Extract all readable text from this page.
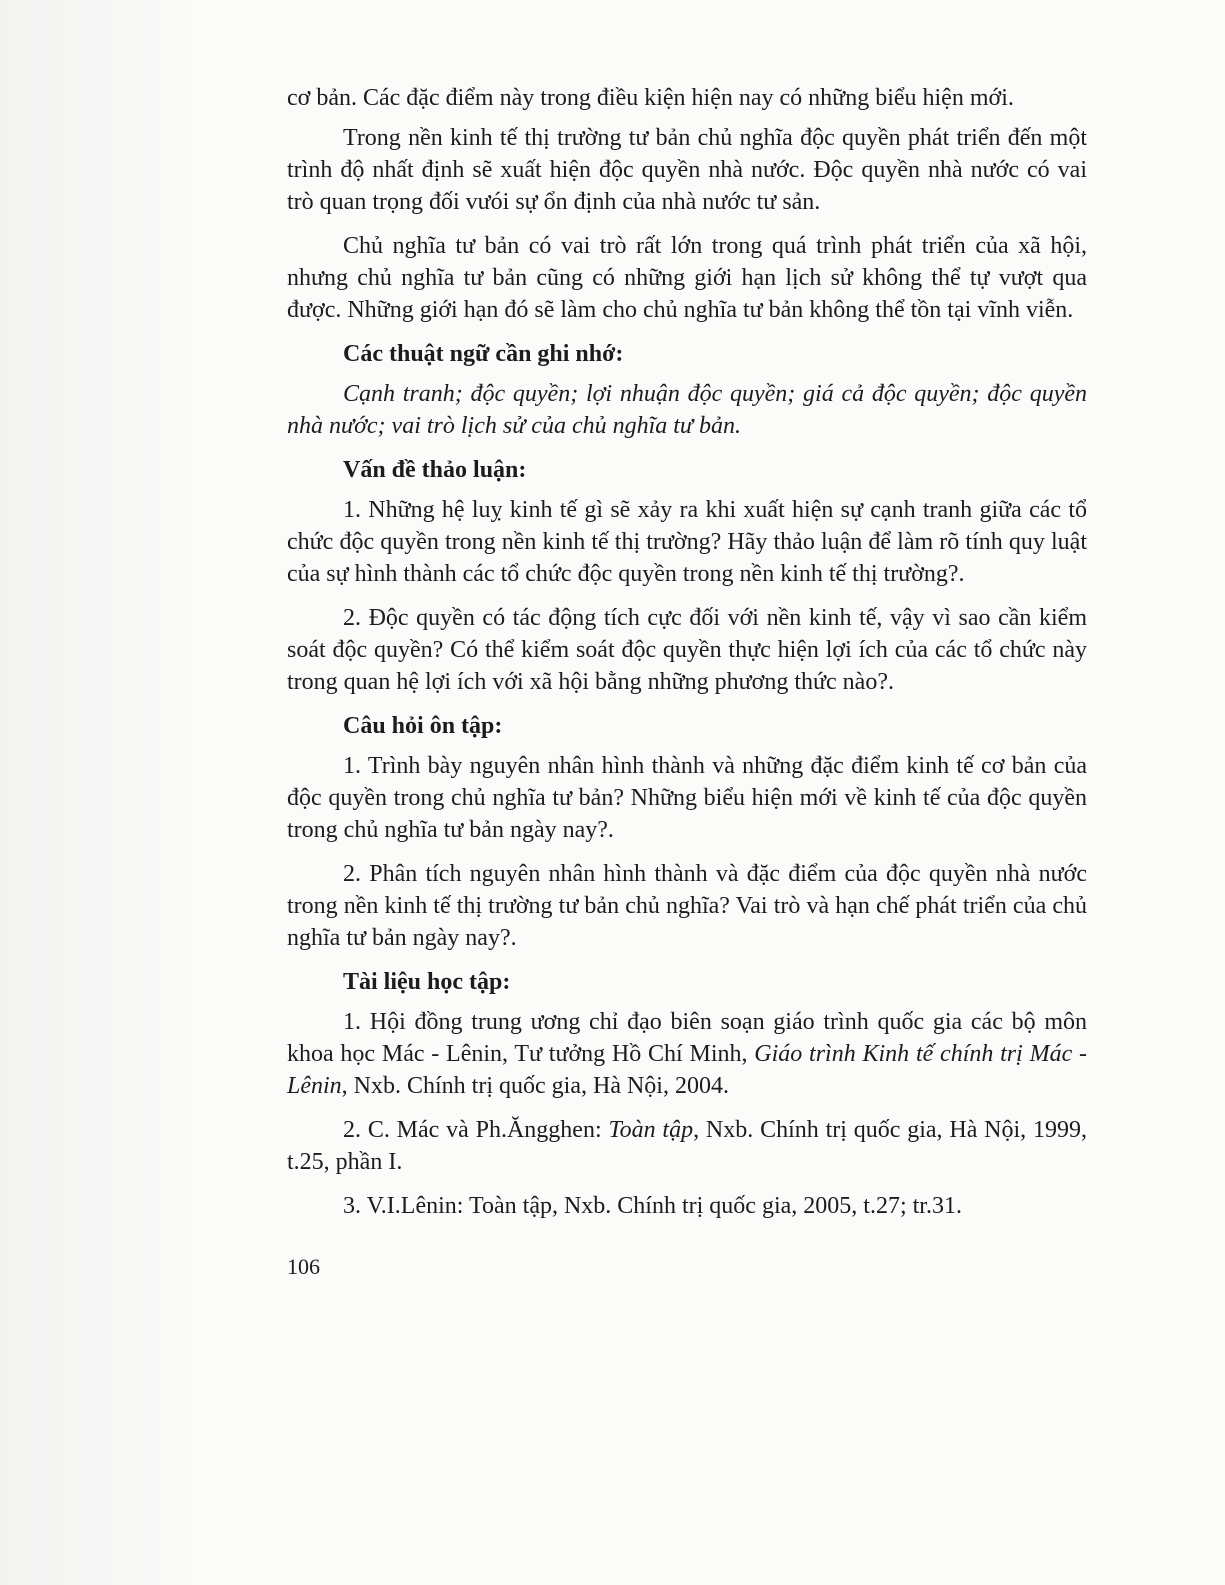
cơ bản. Các đặc điểm này trong điều kiện hiện nay có những biểu hiện mới.

Trong nền kinh tế thị trường tư bản chủ nghĩa độc quyền phát triển đến một trình độ nhất định sẽ xuất hiện độc quyền nhà nước. Độc quyền nhà nước có vai trò quan trọng đối vưói sự ổn định của nhà nước tư sản.

Chủ nghĩa tư bản có vai trò rất lớn trong quá trình phát triển của xã hội, nhưng chủ nghĩa tư bản cũng có những giới hạn lịch sử không thể tự vượt qua được. Những giới hạn đó sẽ làm cho chủ nghĩa tư bản không thể tồn tại vĩnh viễn.

Các thuật ngữ cần ghi nhớ:

Cạnh tranh; độc quyền; lợi nhuận độc quyền; giá cả độc quyền; độc quyền nhà nước; vai trò lịch sử của chủ nghĩa tư bản.

Vấn đề thảo luận:

1. Những hệ luỵ kinh tế gì sẽ xảy ra khi xuất hiện sự cạnh tranh giữa các tổ chức độc quyền trong nền kinh tế thị trường? Hãy thảo luận để làm rõ tính quy luật của sự hình thành các tổ chức độc quyền trong nền kinh tế thị trường?.

2. Độc quyền có tác động tích cực đối với nền kinh tế, vậy vì sao cần kiểm soát độc quyền? Có thể kiểm soát độc quyền thực hiện lợi ích của các tổ chức này trong quan hệ lợi ích với xã hội bằng những phương thức nào?.

Câu hỏi ôn tập:

1. Trình bày nguyên nhân hình thành và những đặc điểm kinh tế cơ bản của độc quyền trong chủ nghĩa tư bản? Những biểu hiện mới về kinh tế của độc quyền trong chủ nghĩa tư bản ngày nay?.

2. Phân tích nguyên nhân hình thành và đặc điểm của độc quyền nhà nước trong nền kinh tế thị trường tư bản chủ nghĩa? Vai trò và hạn chế phát triển của chủ nghĩa tư bản ngày nay?.

Tài liệu học tập:

1. Hội đồng trung ương chỉ đạo biên soạn giáo trình quốc gia các bộ môn khoa học Mác - Lênin, Tư tưởng Hồ Chí Minh, Giáo trình Kinh tế chính trị Mác - Lênin, Nxb. Chính trị quốc gia, Hà Nội, 2004.

2. C. Mác và Ph.Ăngghen: Toàn tập, Nxb. Chính trị quốc gia, Hà Nội, 1999, t.25, phần I.

3. V.I.Lênin: Toàn tập, Nxb. Chính trị quốc gia, 2005, t.27; tr.31.

106
